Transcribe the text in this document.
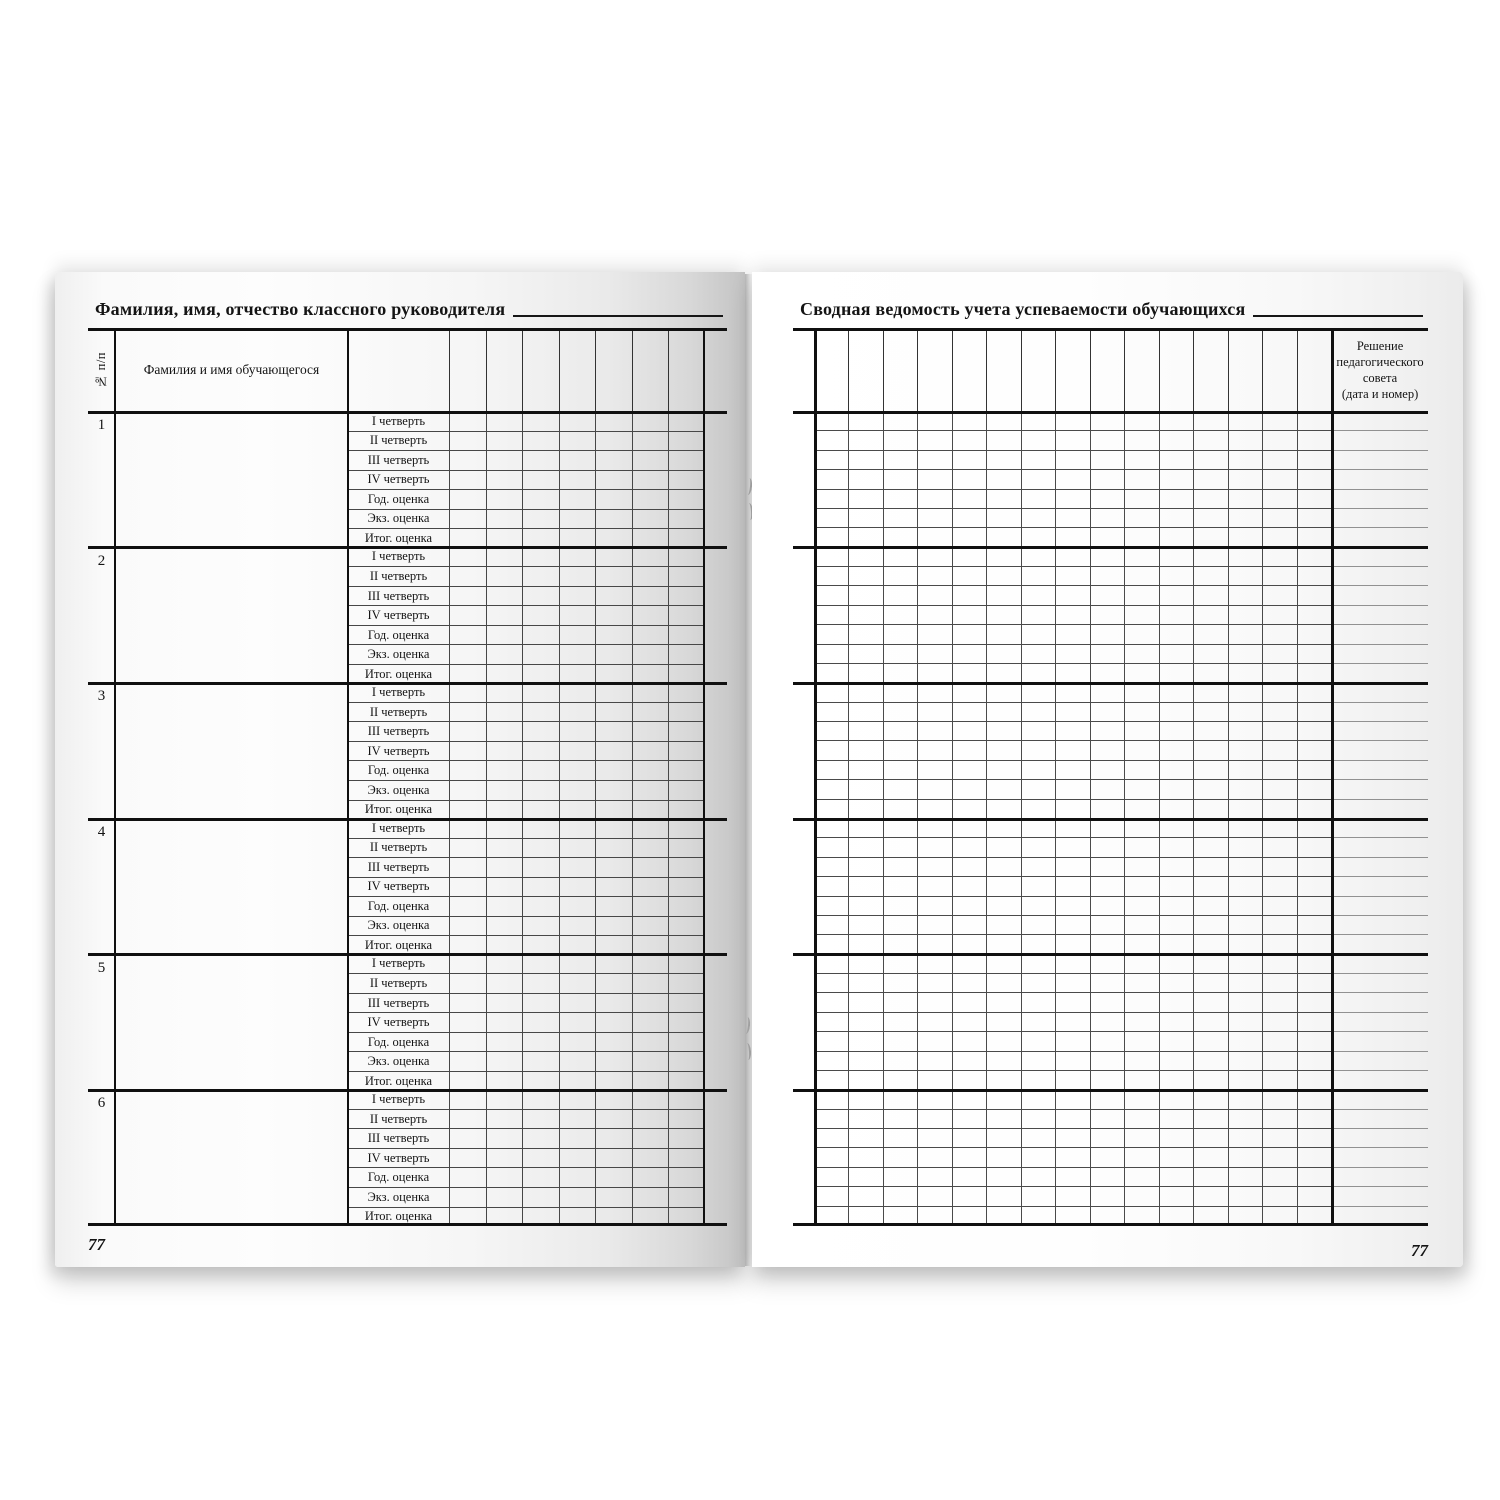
Фамилия, имя, отчество классного руководителя
№ п/п	Фамилия и имя обучающегося
1	I четверть
II четверть
III четверть
IV четверть
Год. оценка
Экз. оценка
Итог. оценка
2	I четверть
II четверть
III четверть
IV четверть
Год. оценка
Экз. оценка
Итог. оценка
3	I четверть
II четверть
III четверть
IV четверть
Год. оценка
Экз. оценка
Итог. оценка
4	I четверть
II четверть
III четверть
IV четверть
Год. оценка
Экз. оценка
Итог. оценка
5	I четверть
II четверть
III четверть
IV четверть
Год. оценка
Экз. оценка
Итог. оценка
6	I четверть
II четверть
III четверть
IV четверть
Год. оценка
Экз. оценка
Итог. оценка
77
Сводная ведомость учета успеваемости обучающихся
Решение
педагогического
совета
(дата и номер)
77
